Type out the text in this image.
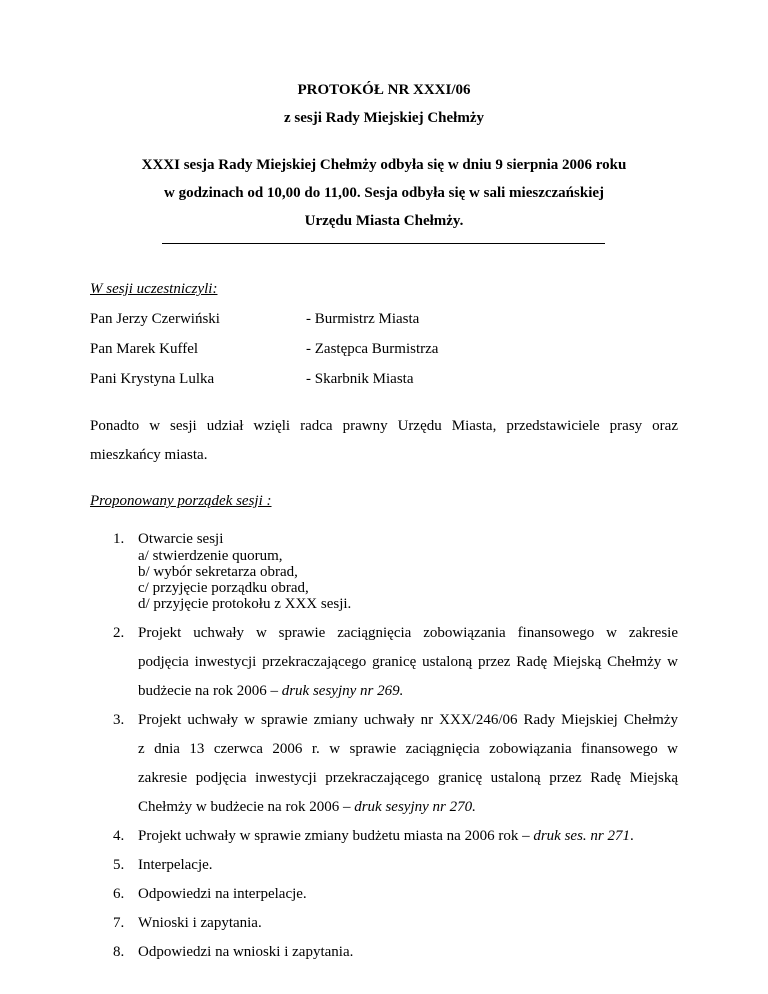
PROTOKÓŁ NR XXXI/06
z sesji Rady Miejskiej Chełmży
XXXI sesja Rady Miejskiej Chełmży odbyła się w dniu 9 sierpnia 2006 roku
w godzinach od 10,00 do 11,00. Sesja odbyła się w sali mieszczańskiej
Urzędu Miasta Chełmży.
W sesji uczestniczyli:
Pan Jerzy Czerwiński	- Burmistrz Miasta
Pan Marek Kuffel	- Zastępca Burmistrza
Pani Krystyna Lulka	- Skarbnik Miasta
Ponadto w sesji udział wzięli radca prawny Urzędu Miasta, przedstawiciele prasy oraz
mieszkańcy miasta.
Proponowany porządek sesji :
1. Otwarcie sesji
a/ stwierdzenie quorum,
b/ wybór sekretarza obrad,
c/ przyjęcie porządku obrad,
d/ przyjęcie protokołu z XXX sesji.
2. Projekt uchwały w sprawie zaciągnięcia zobowiązania finansowego w zakresie
podjęcia inwestycji przekraczającego granicę ustaloną przez Radę Miejską Chełmży w
budżecie na rok 2006 – druk sesyjny nr 269.
3. Projekt uchwały w sprawie zmiany uchwały nr XXX/246/06 Rady Miejskiej Chełmży
z dnia 13 czerwca 2006 r. w sprawie zaciągnięcia zobowiązania finansowego w
zakresie podjęcia inwestycji przekraczającego granicę ustaloną przez Radę Miejską
Chełmży w budżecie na rok 2006 – druk sesyjny nr 270.
4. Projekt uchwały w sprawie zmiany budżetu miasta na 2006 rok – druk ses. nr 271.
5. Interpelacje.
6. Odpowiedzi na interpelacje.
7. Wnioski i zapytania.
8. Odpowiedzi na wnioski i zapytania.
